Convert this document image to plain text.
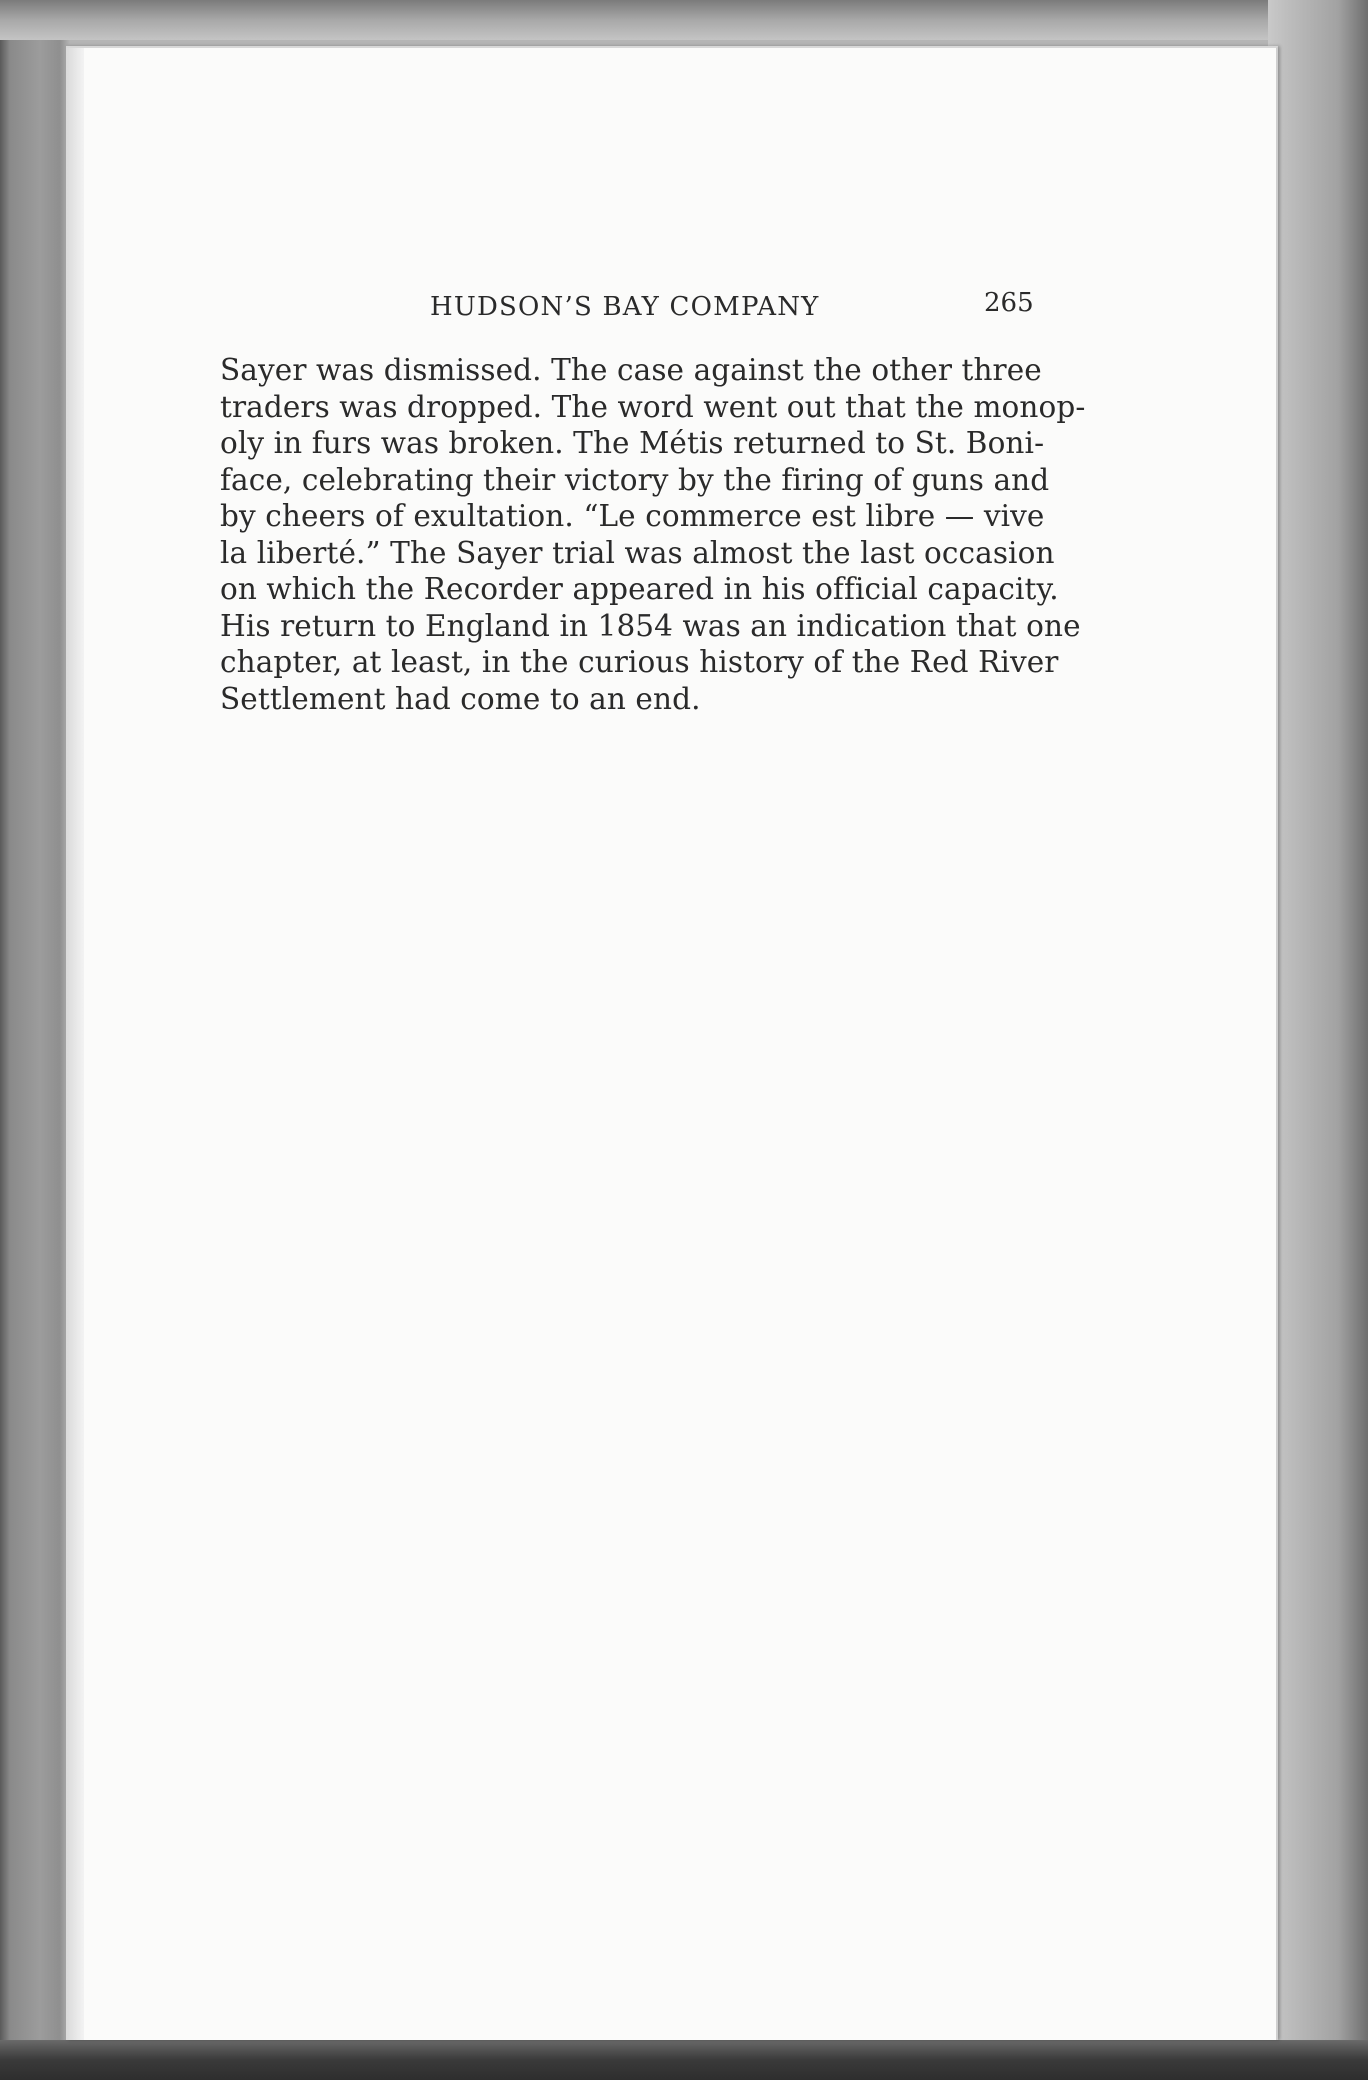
HUDSON’S BAY COMPANY	265
Sayer was dismissed. The case against the other three
traders was dropped. The word went out that the monop-
oly in furs was broken. The Métis returned to St. Boni-
face, celebrating their victory by the firing of guns and
by cheers of exultation. “Le commerce est libre — vive
la liberté.” The Sayer trial was almost the last occasion
on which the Recorder appeared in his official capacity.
His return to England in 1854 was an indication that one
chapter, at least, in the curious history of the Red River
Settlement had come to an end.
